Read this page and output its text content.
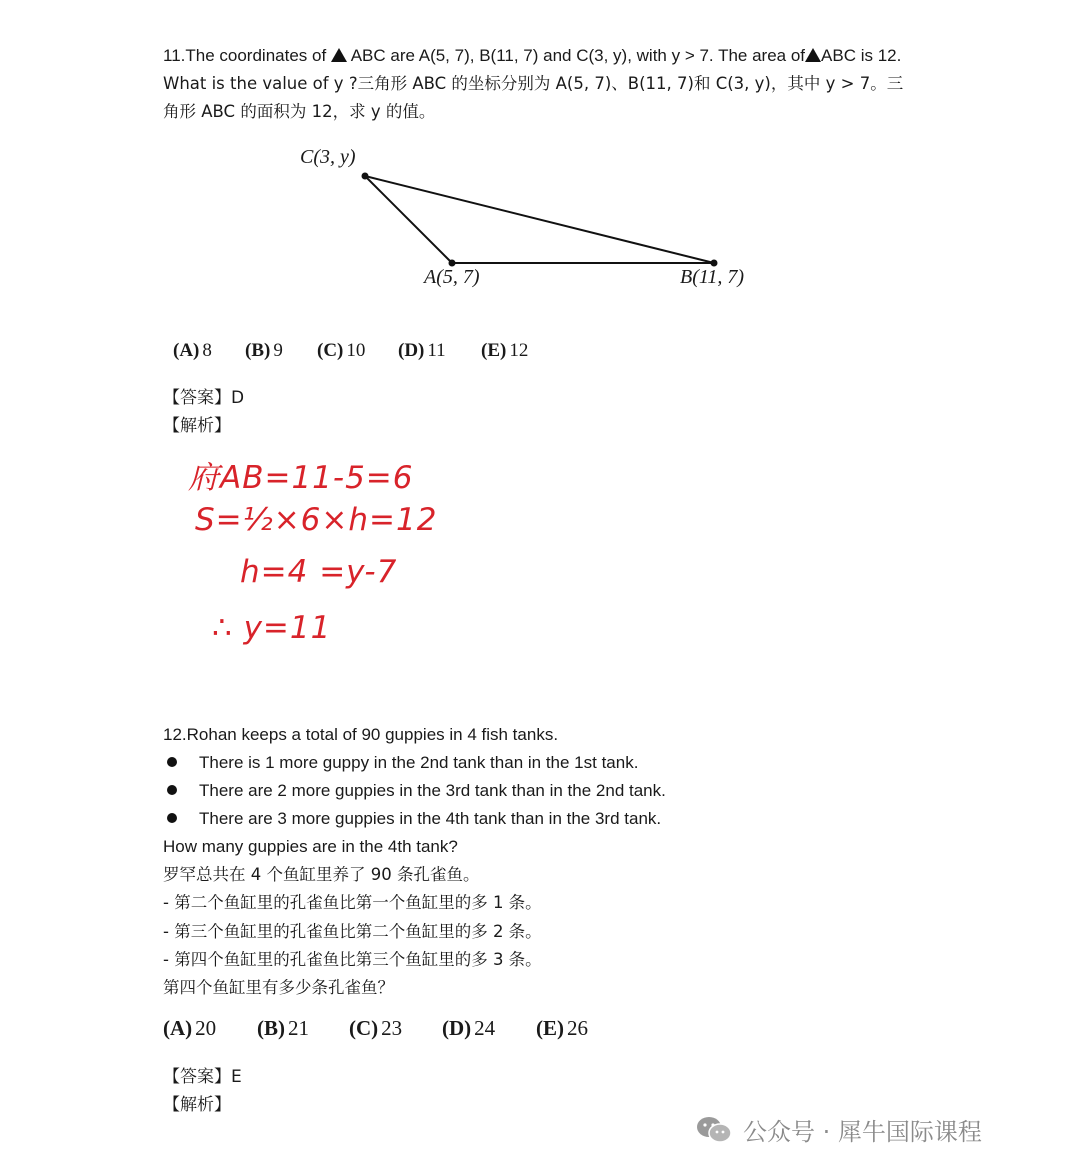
11.The coordinates of  ABC are A(5, 7), B(11, 7) and C(3, y), with y > 7. The area of ABC is 12.
What is the value of y ?三角形 ABC 的坐标分别为 A(5, 7)、B(11, 7)和 C(3, y)，其中 y > 7。三
角形 ABC 的面积为 12，求 y 的值。
C(3, y)
A(5, 7)	B(11, 7)
(A) 8 (B) 9 (C) 10 (D) 11 (E) 12
【答案】D
【解析】
府AB=11-5=6
S=½×6×h=12
h=4 =y-7
∴ y=11
12.Rohan keeps a total of 90 guppies in 4 fish tanks.
There is 1 more guppy in the 2nd tank than in the 1st tank.
There are 2 more guppies in the 3rd tank than in the 2nd tank.
There are 3 more guppies in the 4th tank than in the 3rd tank.
How many guppies are in the 4th tank?
罗罕总共在 4 个鱼缸里养了 90 条孔雀鱼。
- 第二个鱼缸里的孔雀鱼比第一个鱼缸里的多 1 条。
- 第三个鱼缸里的孔雀鱼比第二个鱼缸里的多 2 条。
- 第四个鱼缸里的孔雀鱼比第三个鱼缸里的多 3 条。
第四个鱼缸里有多少条孔雀鱼？
(A) 20 (B) 21 (C) 23 (D) 24 (E) 26
【答案】E
【解析】
公众号 · 犀牛国际课程
